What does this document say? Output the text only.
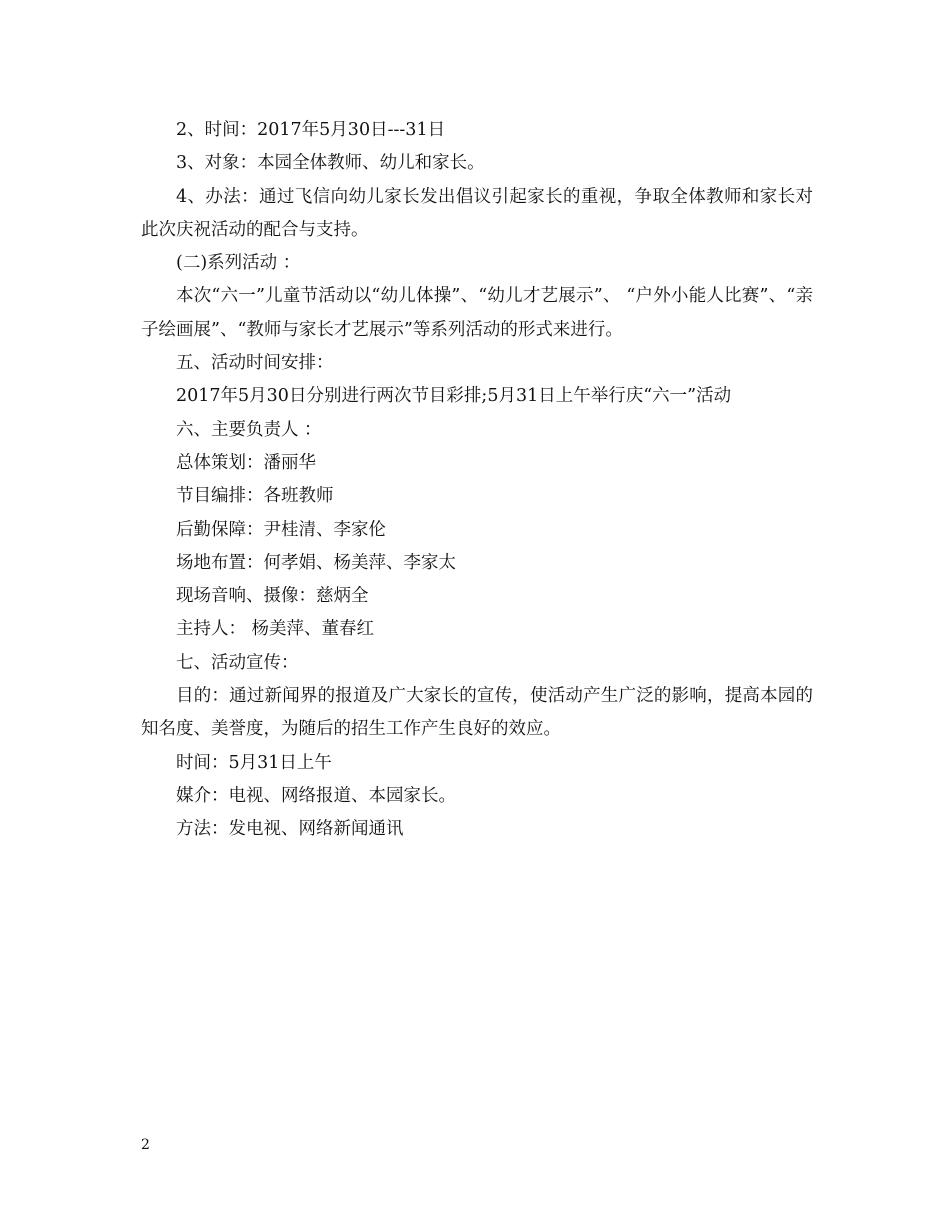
2、时间：2017年5月30日---31日

3、对象：本园全体教师、幼儿和家长。

4、办法：通过飞信向幼儿家长发出倡议引起家长的重视，争取全体教师和家长对此次庆祝活动的配合与支持。

(二)系列活动 ：

本次“六一”儿童节活动以“幼儿体操”、“幼儿才艺展示”、 “户外小能人比赛”、“亲子绘画展”、“教师与家长才艺展示”等系列活动的形式来进行。

五、活动时间安排：

2017年5月30日分别进行两次节目彩排;5月31日上午举行庆“六一”活动

六、主要负责人 ：

总体策划：潘丽华

节目编排：各班教师

后勤保障：尹桂清、李家伦

场地布置：何孝娟、杨美萍、李家太

现场音响、摄像：慈炳全

主持人： 杨美萍、董春红

七、活动宣传：

目的：通过新闻界的报道及广大家长的宣传，使活动产生广泛的影响，提高本园的知名度、美誉度，为随后的招生工作产生良好的效应。

时间：5月31日上午

媒介：电视、网络报道、本园家长。

方法：发电视、网络新闻通讯

2
